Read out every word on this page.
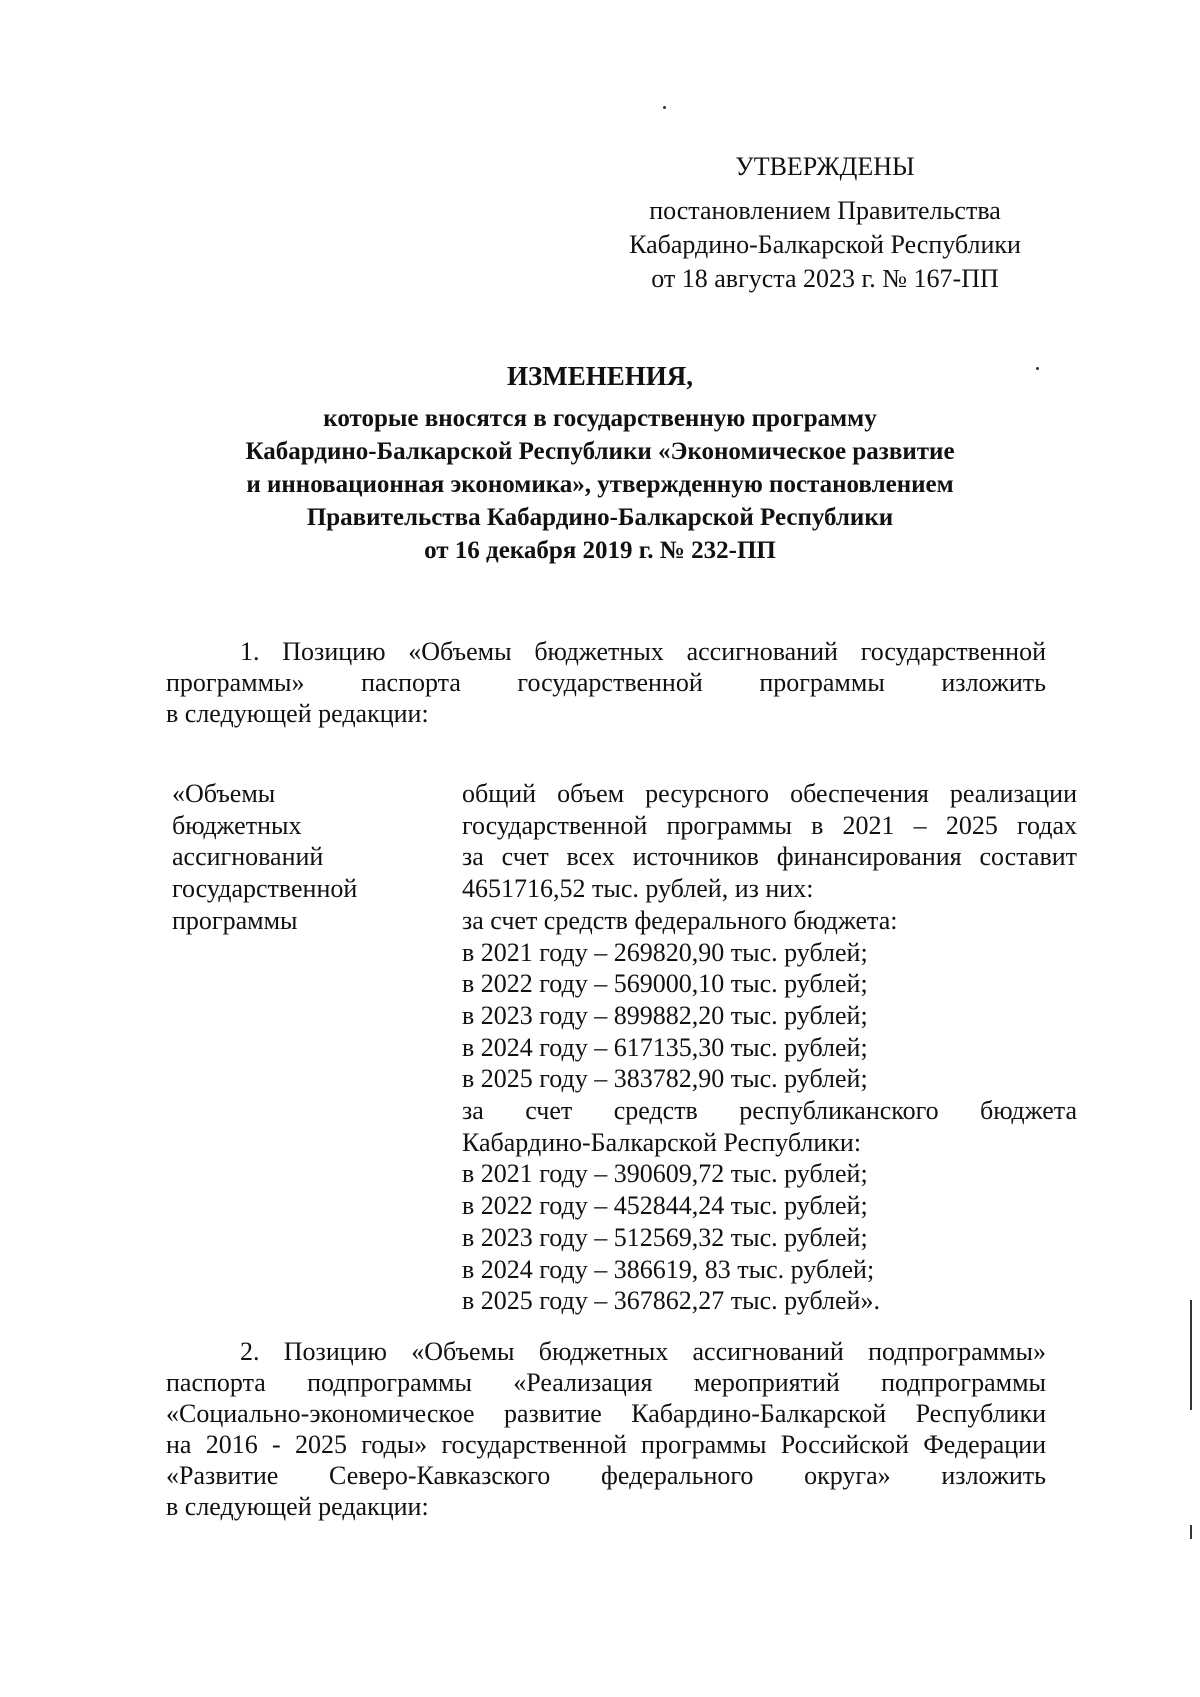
УТВЕРЖДЕНЫ
постановлением Правительства
Кабардино-Балкарской Республики
от 18 августа 2023 г. № 167-ПП
ИЗМЕНЕНИЯ,
которые вносятся в государственную программу
Кабардино-Балкарской Республики «Экономическое развитие
и инновационная экономика», утвержденную постановлением
Правительства Кабардино-Балкарской Республики
от 16 декабря 2019 г. № 232-ПП
1. Позицию «Объемы бюджетных ассигнований государственной
программы» паспорта государственной программы изложить
в следующей редакции:
«Объемы
бюджетных
ассигнований
государственной
программы
общий объем ресурсного обеспечения реализации
государственной программы в 2021 – 2025 годах
за счет всех источников финансирования составит
4651716,52 тыс. рублей, из них:
за счет средств федерального бюджета:
в 2021 году – 269820,90 тыс. рублей;
в 2022 году – 569000,10 тыс. рублей;
в 2023 году – 899882,20 тыс. рублей;
в 2024 году – 617135,30 тыс. рублей;
в 2025 году – 383782,90 тыс. рублей;
за счет средств республиканского бюджета
Кабардино-Балкарской Республики:
в 2021 году – 390609,72 тыс. рублей;
в 2022 году – 452844,24 тыс. рублей;
в 2023 году – 512569,32 тыс. рублей;
в 2024 году – 386619, 83 тыс. рублей;
в 2025 году – 367862,27 тыс. рублей».
2. Позицию «Объемы бюджетных ассигнований подпрограммы»
паспорта подпрограммы «Реализация мероприятий подпрограммы
«Социально-экономическое развитие Кабардино-Балкарской Республики
на 2016 - 2025 годы» государственной программы Российской Федерации
«Развитие Северо-Кавказского федерального округа» изложить
в следующей редакции:
